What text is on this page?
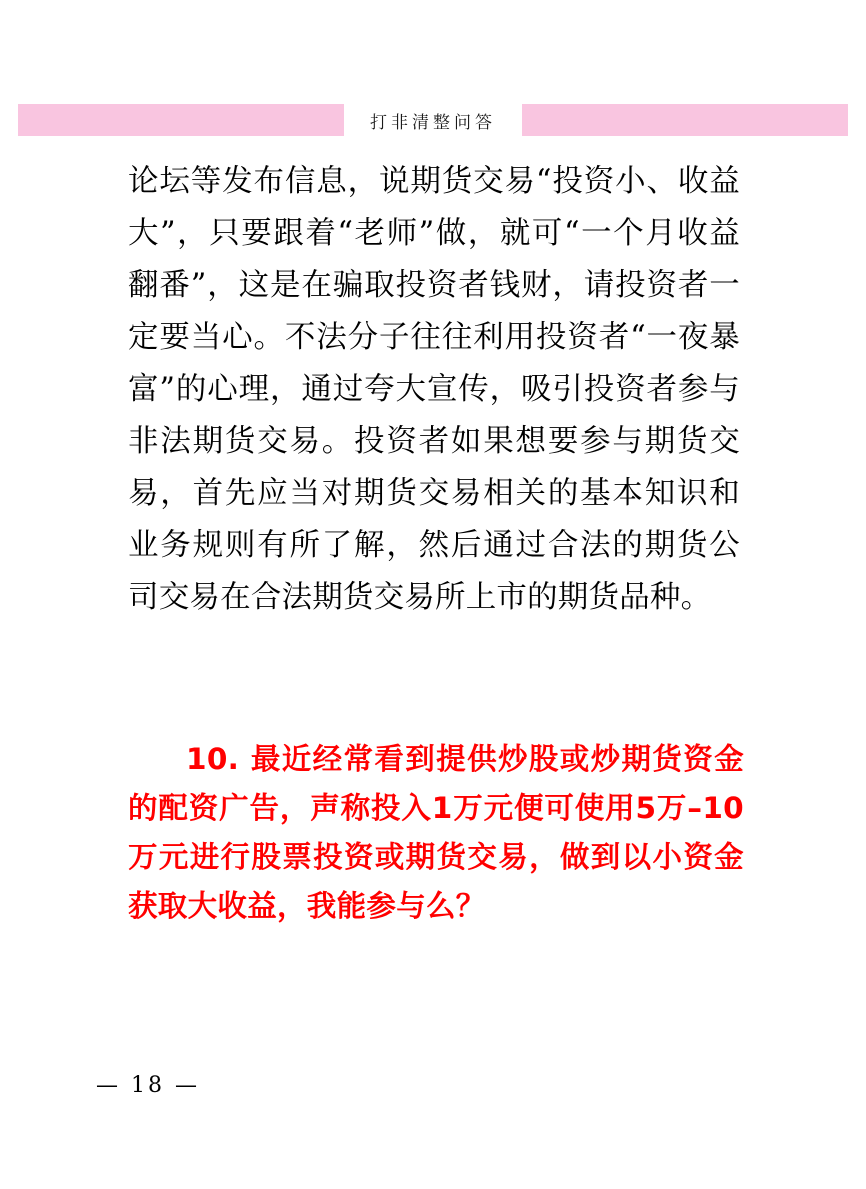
打非清整问答

论坛等发布信息，说期货交易“投资小、收益大”，只要跟着“老师”做，就可“一个月收益翻番”，这是在骗取投资者钱财，请投资者一定要当心。不法分子往往利用投资者“一夜暴富”的心理，通过夸大宣传，吸引投资者参与非法期货交易。投资者如果想要参与期货交易，首先应当对期货交易相关的基本知识和业务规则有所了解，然后通过合法的期货公司交易在合法期货交易所上市的期货品种。

10. 最近经常看到提供炒股或炒期货资金的配资广告，声称投入1万元便可使用5万–10万元进行股票投资或期货交易，做到以小资金获取大收益，我能参与么？
— 18 —
